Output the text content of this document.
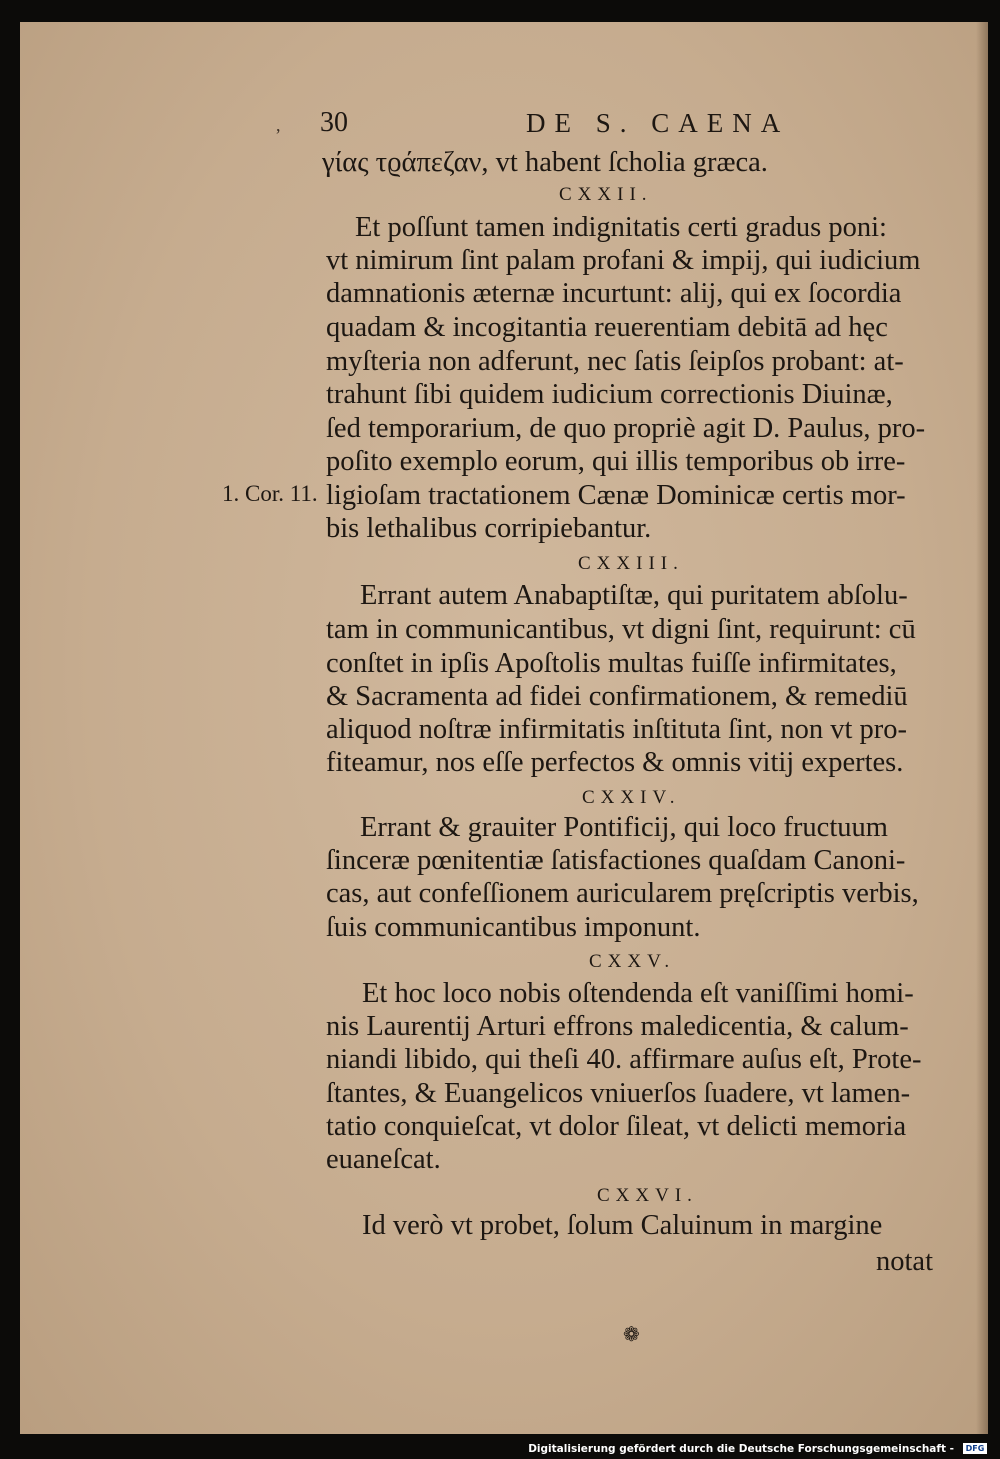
, 30	DE S. CAENA
γίας τϱάπεζαν, vt habent ſcholia græca.
CXXII.
Et poſſunt tamen indignitatis certi gradus poni:
vt nimirum ſint palam profani & impij, qui iudicium
damnationis æternæ incurtunt: alij, qui ex ſocordia
quadam & incogitantia reuerentiam debitā ad hęc
myſteria non adferunt, nec ſatis ſeipſos probant: at-
trahunt ſibi quidem iudicium correctionis Diuinæ,
ſed temporarium, de quo propriè agit D. Paulus, pro-
poſito exemplo eorum, qui illis temporibus ob irre-
1. Cor. 11. ligioſam tractationem Cænæ Dominicæ certis mor-
bis lethalibus corripiebantur.
CXXIII.
Errant autem Anabaptiſtæ, qui puritatem abſolu-
tam in communicantibus, vt digni ſint, requirunt: cū
conſtet in ipſis Apoſtolis multas fuiſſe infirmitates,
& Sacramenta ad fidei confirmationem, & remediū
aliquod noſtræ infirmitatis inſtituta ſint, non vt pro-
fiteamur, nos eſſe perfectos & omnis vitij expertes.
CXXIV.
Errant & grauiter Pontificij, qui loco fructuum
ſinceræ pœnitentiæ ſatisfactiones quaſdam Canoni-
cas, aut confeſſionem auricularem pręſcriptis verbis,
ſuis communicantibus imponunt.
CXXV.
Et hoc loco nobis oſtendenda eſt vaniſſimi homi-
nis Laurentij Arturi effrons maledicentia, & calum-
niandi libido, qui theſi 40. affirmare auſus eſt, Prote-
ſtantes, & Euangelicos vniuerſos ſuadere, vt lamen-
tatio conquieſcat, vt dolor ſileat, vt delicti memoria
euaneſcat.
CXXVI.
Id verò vt probet, ſolum Caluinum in margine
notat
❁
Digitalisierung gefördert durch die Deutsche Forschungsgemeinschaft -	DFG
